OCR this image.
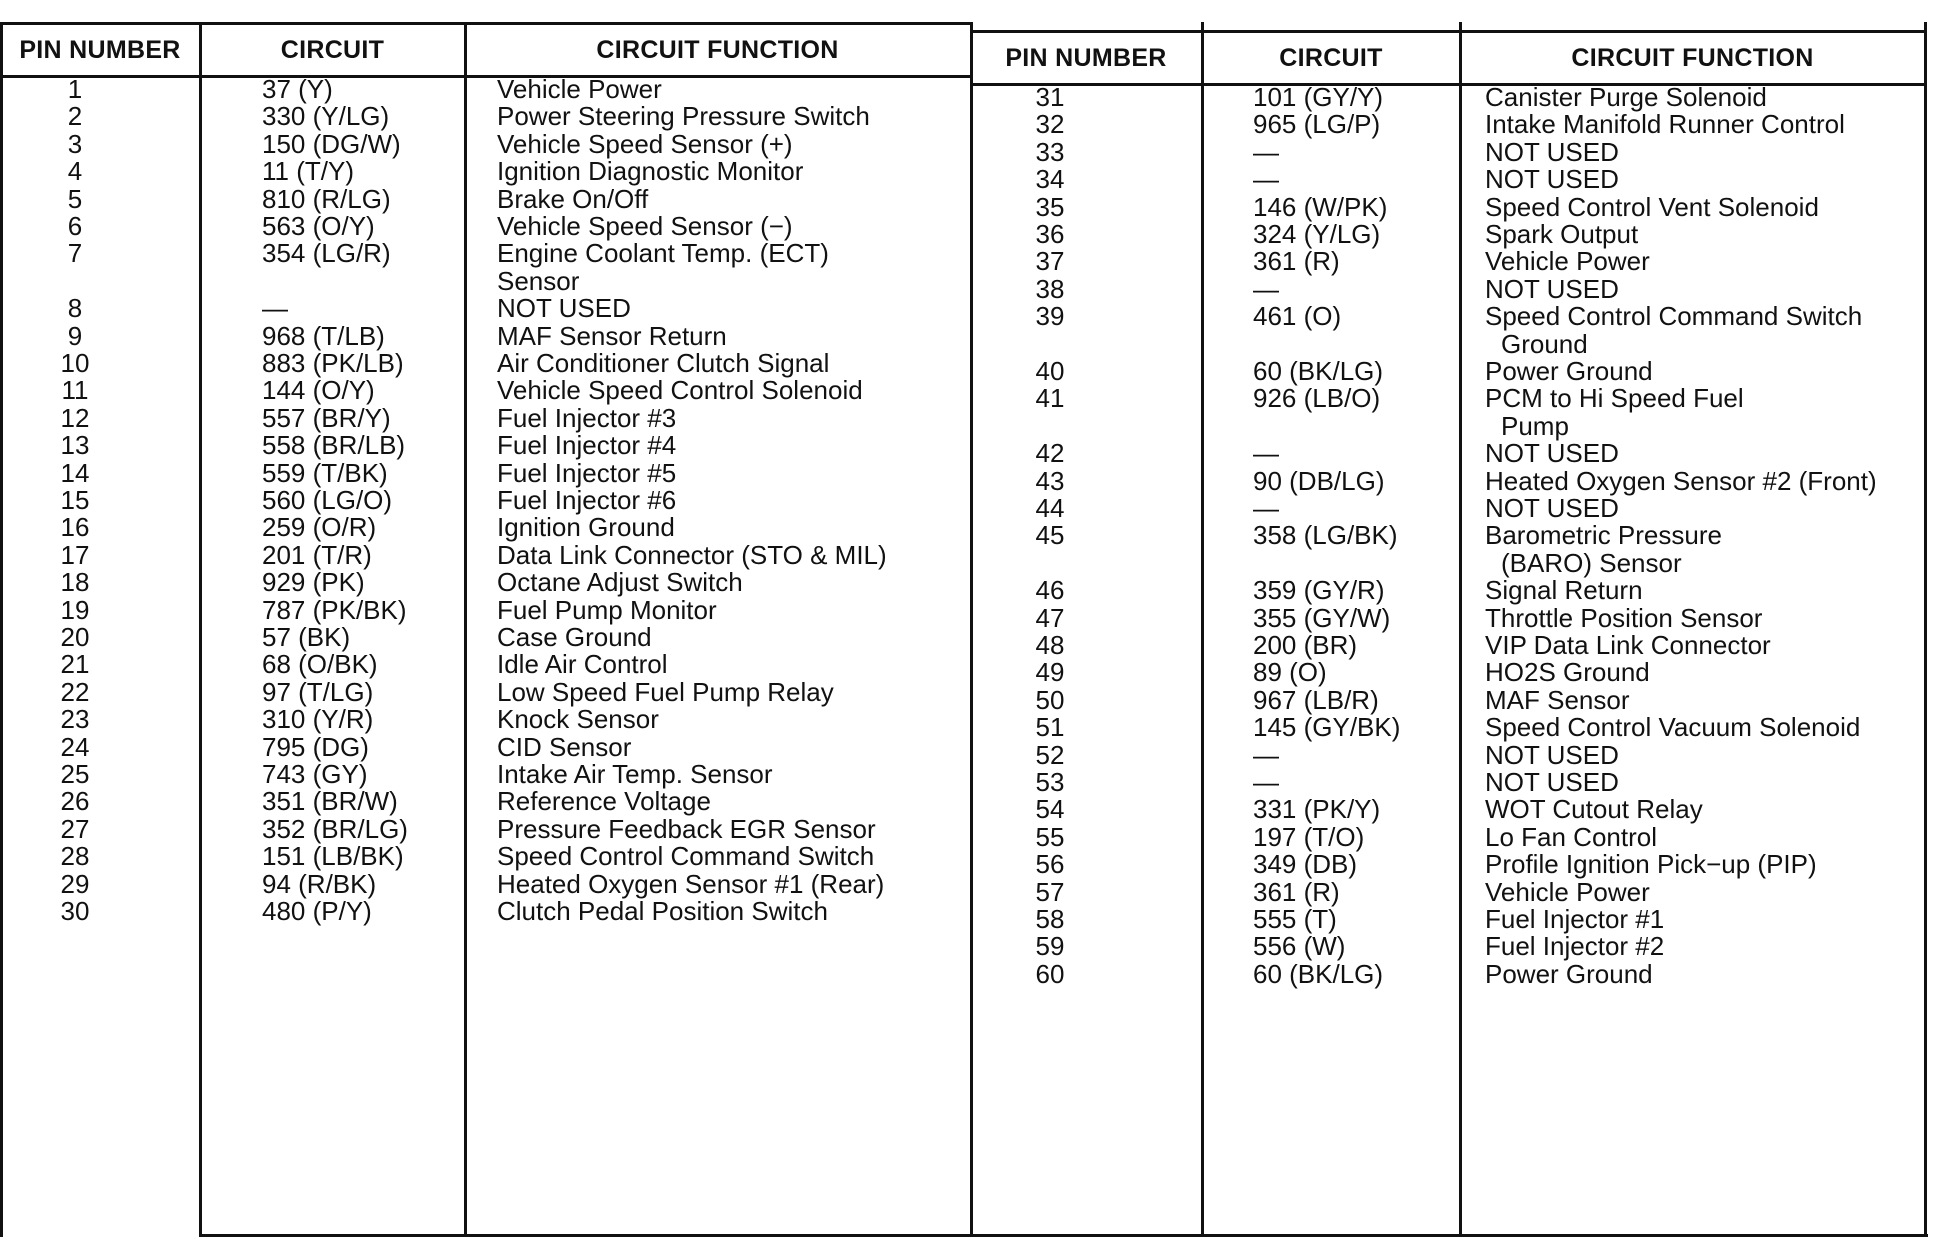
PIN NUMBER	CIRCUIT	CIRCUIT FUNCTION
1	37 (Y)	Vehicle Power
2	330 (Y/LG)	Power Steering Pressure Switch
3	150 (DG/W)	Vehicle Speed Sensor (+)
4	11 (T/Y)	Ignition Diagnostic Monitor
5	810 (R/LG)	Brake On/Off
6	563 (O/Y)	Vehicle Speed Sensor (−)
7	354 (LG/R)	Engine Coolant Temp. (ECT)
Sensor
8	—	NOT USED
9	968 (T/LB)	MAF Sensor Return
10	883 (PK/LB)	Air Conditioner Clutch Signal
11	144 (O/Y)	Vehicle Speed Control Solenoid
12	557 (BR/Y)	Fuel Injector #3
13	558 (BR/LB)	Fuel Injector #4
14	559 (T/BK)	Fuel Injector #5
15	560 (LG/O)	Fuel Injector #6
16	259 (O/R)	Ignition Ground
17	201 (T/R)	Data Link Connector (STO & MIL)
18	929 (PK)	Octane Adjust Switch
19	787 (PK/BK)	Fuel Pump Monitor
20	57 (BK)	Case Ground
21	68 (O/BK)	Idle Air Control
22	97 (T/LG)	Low Speed Fuel Pump Relay
23	310 (Y/R)	Knock Sensor
24	795 (DG)	CID Sensor
25	743 (GY)	Intake Air Temp. Sensor
26	351 (BR/W)	Reference Voltage
27	352 (BR/LG)	Pressure Feedback EGR Sensor
28	151 (LB/BK)	Speed Control Command Switch
29	94 (R/BK)	Heated Oxygen Sensor #1 (Rear)
30	480 (P/Y)	Clutch Pedal Position Switch
PIN NUMBER	CIRCUIT	CIRCUIT FUNCTION
31	101 (GY/Y)	Canister Purge Solenoid
32	965 (LG/P)	Intake Manifold Runner Control
33	—	NOT USED
34	—	NOT USED
35	146 (W/PK)	Speed Control Vent Solenoid
36	324 (Y/LG)	Spark Output
37	361 (R)	Vehicle Power
38	—	NOT USED
39	461 (O)	Speed Control Command Switch
Ground
40	60 (BK/LG)	Power Ground
41	926 (LB/O)	PCM to Hi Speed Fuel
Pump
42	—	NOT USED
43	90 (DB/LG)	Heated Oxygen Sensor #2 (Front)
44	—	NOT USED
45	358 (LG/BK)	Barometric Pressure
(BARO) Sensor
46	359 (GY/R)	Signal Return
47	355 (GY/W)	Throttle Position Sensor
48	200 (BR)	VIP Data Link Connector
49	89 (O)	HO2S Ground
50	967 (LB/R)	MAF Sensor
51	145 (GY/BK)	Speed Control Vacuum Solenoid
52	—	NOT USED
53	—	NOT USED
54	331 (PK/Y)	WOT Cutout Relay
55	197 (T/O)	Lo Fan Control
56	349 (DB)	Profile Ignition Pick−up (PIP)
57	361 (R)	Vehicle Power
58	555 (T)	Fuel Injector #1
59	556 (W)	Fuel Injector #2
60	60 (BK/LG)	Power Ground
